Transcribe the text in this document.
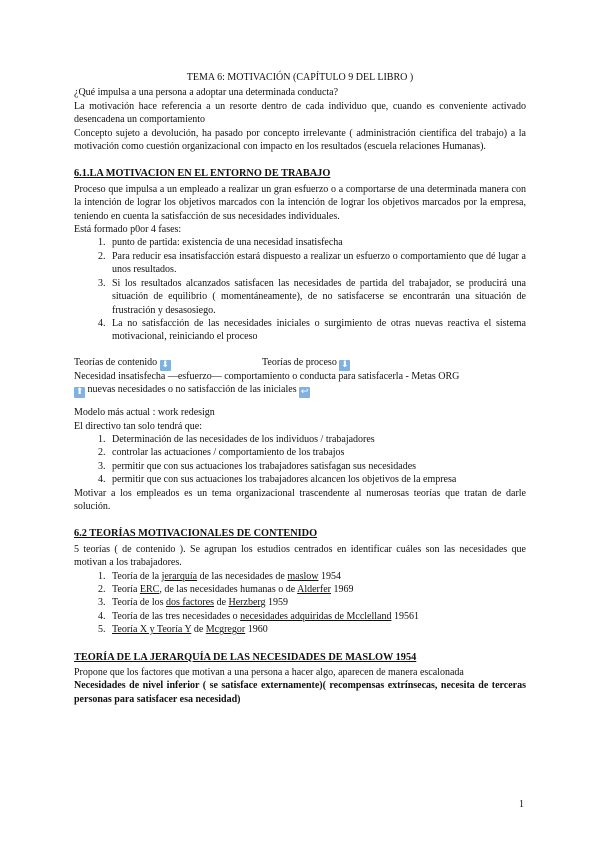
TEMA 6: MOTIVACIÓN (CAPÍTULO 9 DEL LIBRO )

¿Qué impulsa a una persona a adoptar una determinada conducta?

La motivación hace referencia a un resorte dentro de cada individuo que, cuando es conveniente activado desencadena un comportamiento

Concepto sujeto a devolución, ha pasado por concepto irrelevante ( administración científica del trabajo) a la motivación como cuestión organizacional con impacto en los resultados (escuela relaciones Humanas).

6.1.LA MOTIVACION EN EL ENTORNO DE TRABAJO

Proceso que impulsa a un empleado a realizar un gran esfuerzo o a comportarse de una determinada manera con la intención de lograr los objetivos marcados con la intención de lograr los objetivos marcados por la empresa, teniendo en cuenta la satisfacción de sus necesidades individuales.

Está formado p0or 4 fases:

1. punto de partida: existencia de una necesidad insatisfecha
2. Para reducir esa insatisfacción estará dispuesto a realizar un esfuerzo o comportamiento que dé lugar a unos resultados.
3. Si los resultados alcanzados satisfacen las necesidades de partida del trabajador, se producirá una situación de equilibrio ( momentáneamente), de no satisfacerse se encontrarán una situación de frustración y desasosiego.
4. La no satisfacción de las necesidades iniciales o surgimiento de otras nuevas reactiva el sistema motivacional, reiniciando el proceso
Teorías de contenido ⬇	Teorías de proceso ⬇

Necesidad insatisfecha —esfuerzo— comportamiento o conducta para satisfacerla - Metas ORG

⬆ nuevas necesidades o no satisfacción de las iniciales ↩

Modelo más actual : work redesign

El directivo tan solo tendrá que:

1. Determinación de las necesidades de los individuos / trabajadores
2. controlar las actuaciones / comportamiento de los trabajos
3. permitir que con sus actuaciones los trabajadores satisfagan sus necesidades
4. permitir que con sus actuaciones los trabajadores alcancen los objetivos de la empresa

Motivar a los empleados es un tema organizacional trascendente al numerosas teorías que tratan de darle solución.

6.2 TEORÍAS MOTIVACIONALES DE CONTENIDO

5 teorías ( de contenido ). Se agrupan los estudios centrados en identificar cuáles son las necesidades que motivan a los trabajadores.

1. Teoría de la jerarquía de las necesidades de maslow 1954
2. Teoría ERC, de las necesidades humanas o de Alderfer 1969
3. Teoría de los dos factores de Herzberg 1959
4. Teoría de las tres necesidades o necesidades adquiridas de Mcclelland 19561
5. Teoría X y Teoría Y de Mcgregor 1960

TEORÍA DE LA JERARQUÍA DE LAS NECESIDADES DE MASLOW 1954

Propone que los factores que motivan a una persona a hacer algo, aparecen de manera escalonada

Necesidades de nivel inferior ( se satisface externamente)( recompensas extrínsecas, necesita de terceras personas para satisfacer esa necesidad)

1
